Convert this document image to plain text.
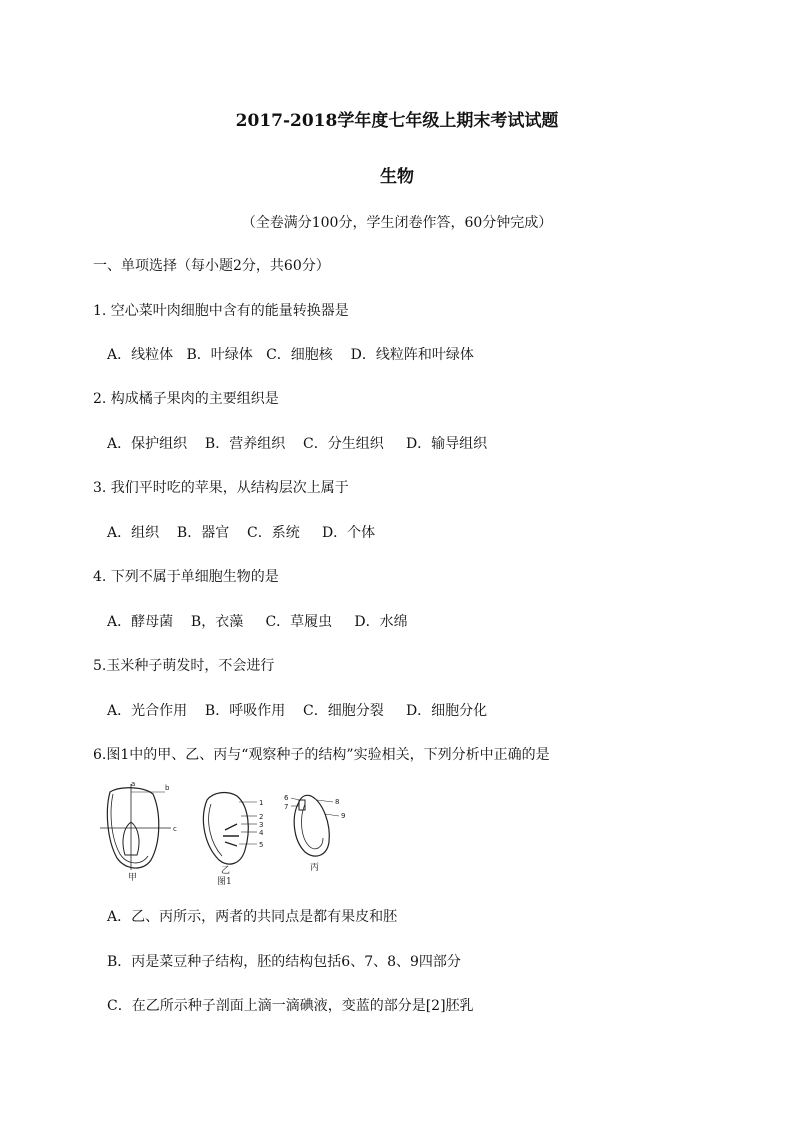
2017-2018学年度七年级上期末考试试题
生物
（全卷满分100分，学生闭卷作答，60分钟完成）
一、单项选择（每小题2分，共60分）
1. 空心菜叶肉细胞中含有的能量转换器是
A．线粒体   B．叶绿体   C．细胞核    D．线粒阵和叶绿体
2. 构成橘子果肉的主要组织是
A．保护组织    B．营养组织    C．分生组织     D．输导组织
3. 我们平时吃的苹果，从结构层次上属于
A．组织    B．器官    C．系统     D．个体
4. 下列不属于单细胞生物的是
A．酵母菌    B，衣藻     C．草履虫     D．水绵
5.玉米种子萌发时，不会进行
A．光合作用    B．呼吸作用    C．细胞分裂     D．细胞分化
6.图1中的甲、乙、丙与“观察种子的结构”实验相关，下列分析中正确的是
a	b
c
甲
1
2
3
4
5
乙
图1
6
7
8
9
丙
A．乙、丙所示，两者的共同点是都有果皮和胚
B．丙是菜豆种子结构，胚的结构包括6、7、8、9四部分
C．在乙所示种子剖面上滴一滴碘液，变蓝的部分是[2]胚乳
